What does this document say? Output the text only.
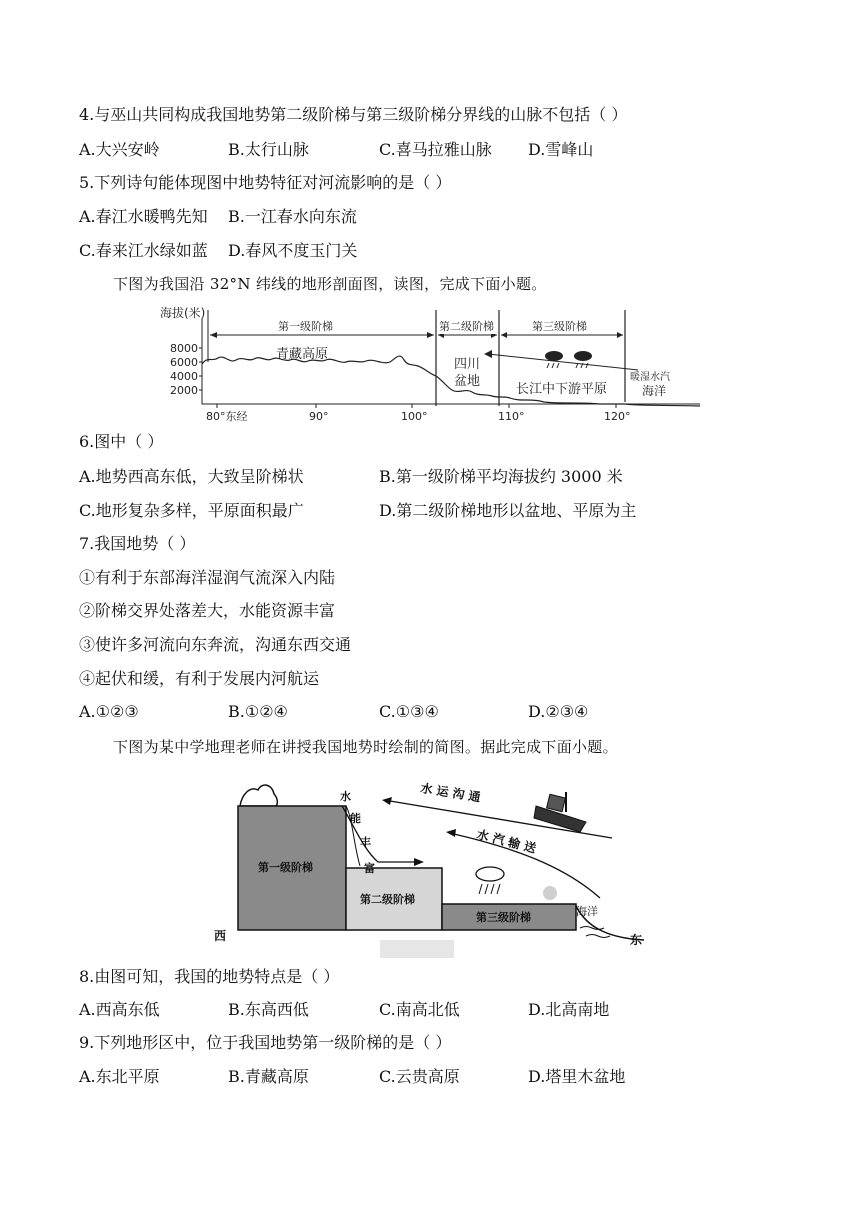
4.与巫山共同构成我国地势第二级阶梯与第三级阶梯分界线的山脉不包括（ ）
A.大兴安岭	B.太行山脉	C.喜马拉雅山脉 D.雪峰山
5.下列诗句能体现图中地势特征对河流影响的是（ ）
A.春江水暖鸭先知 B.一江春水向东流
C.春来江水绿如蓝 D.春风不度玉门关
下图为我国沿 32°N 纬线的地形剖面图，读图，完成下面小题。
海拔(米)
8000
6000
4000
2000
80°东经	90°	100°	110°	120°
第一级阶梯	第二级阶梯	第三级阶梯
青藏高原
四川
盆地
长江中下游平原
暖湿水汽
海洋
6.图中（ ）
A.地势西高东低，大致呈阶梯状	B.第一级阶梯平均海拔约 3000 米
C.地形复杂多样，平原面积最广	D.第二级阶梯地形以盆地、平原为主
7.我国地势（ ）
①有利于东部海洋湿润气流深入内陆
②阶梯交界处落差大，水能资源丰富
③使许多河流向东奔流，沟通东西交通
④起伏和缓，有利于发展内河航运
A.①②③	B.①②④	C.①③④	D.②③④
下图为某中学地理老师在讲授我国地势时绘制的简图。据此完成下面小题。
第一级阶梯
第二级阶梯
第三级阶梯	海洋
西	东
水
能
丰
富
水 运 沟 通
水 汽 输 送
8.由图可知，我国的地势特点是（ ）
A.西高东低	B.东高西低	C.南高北低	D.北高南地
9.下列地形区中，位于我国地势第一级阶梯的是（ ）
A.东北平原	B.青藏高原	C.云贵高原	D.塔里木盆地
